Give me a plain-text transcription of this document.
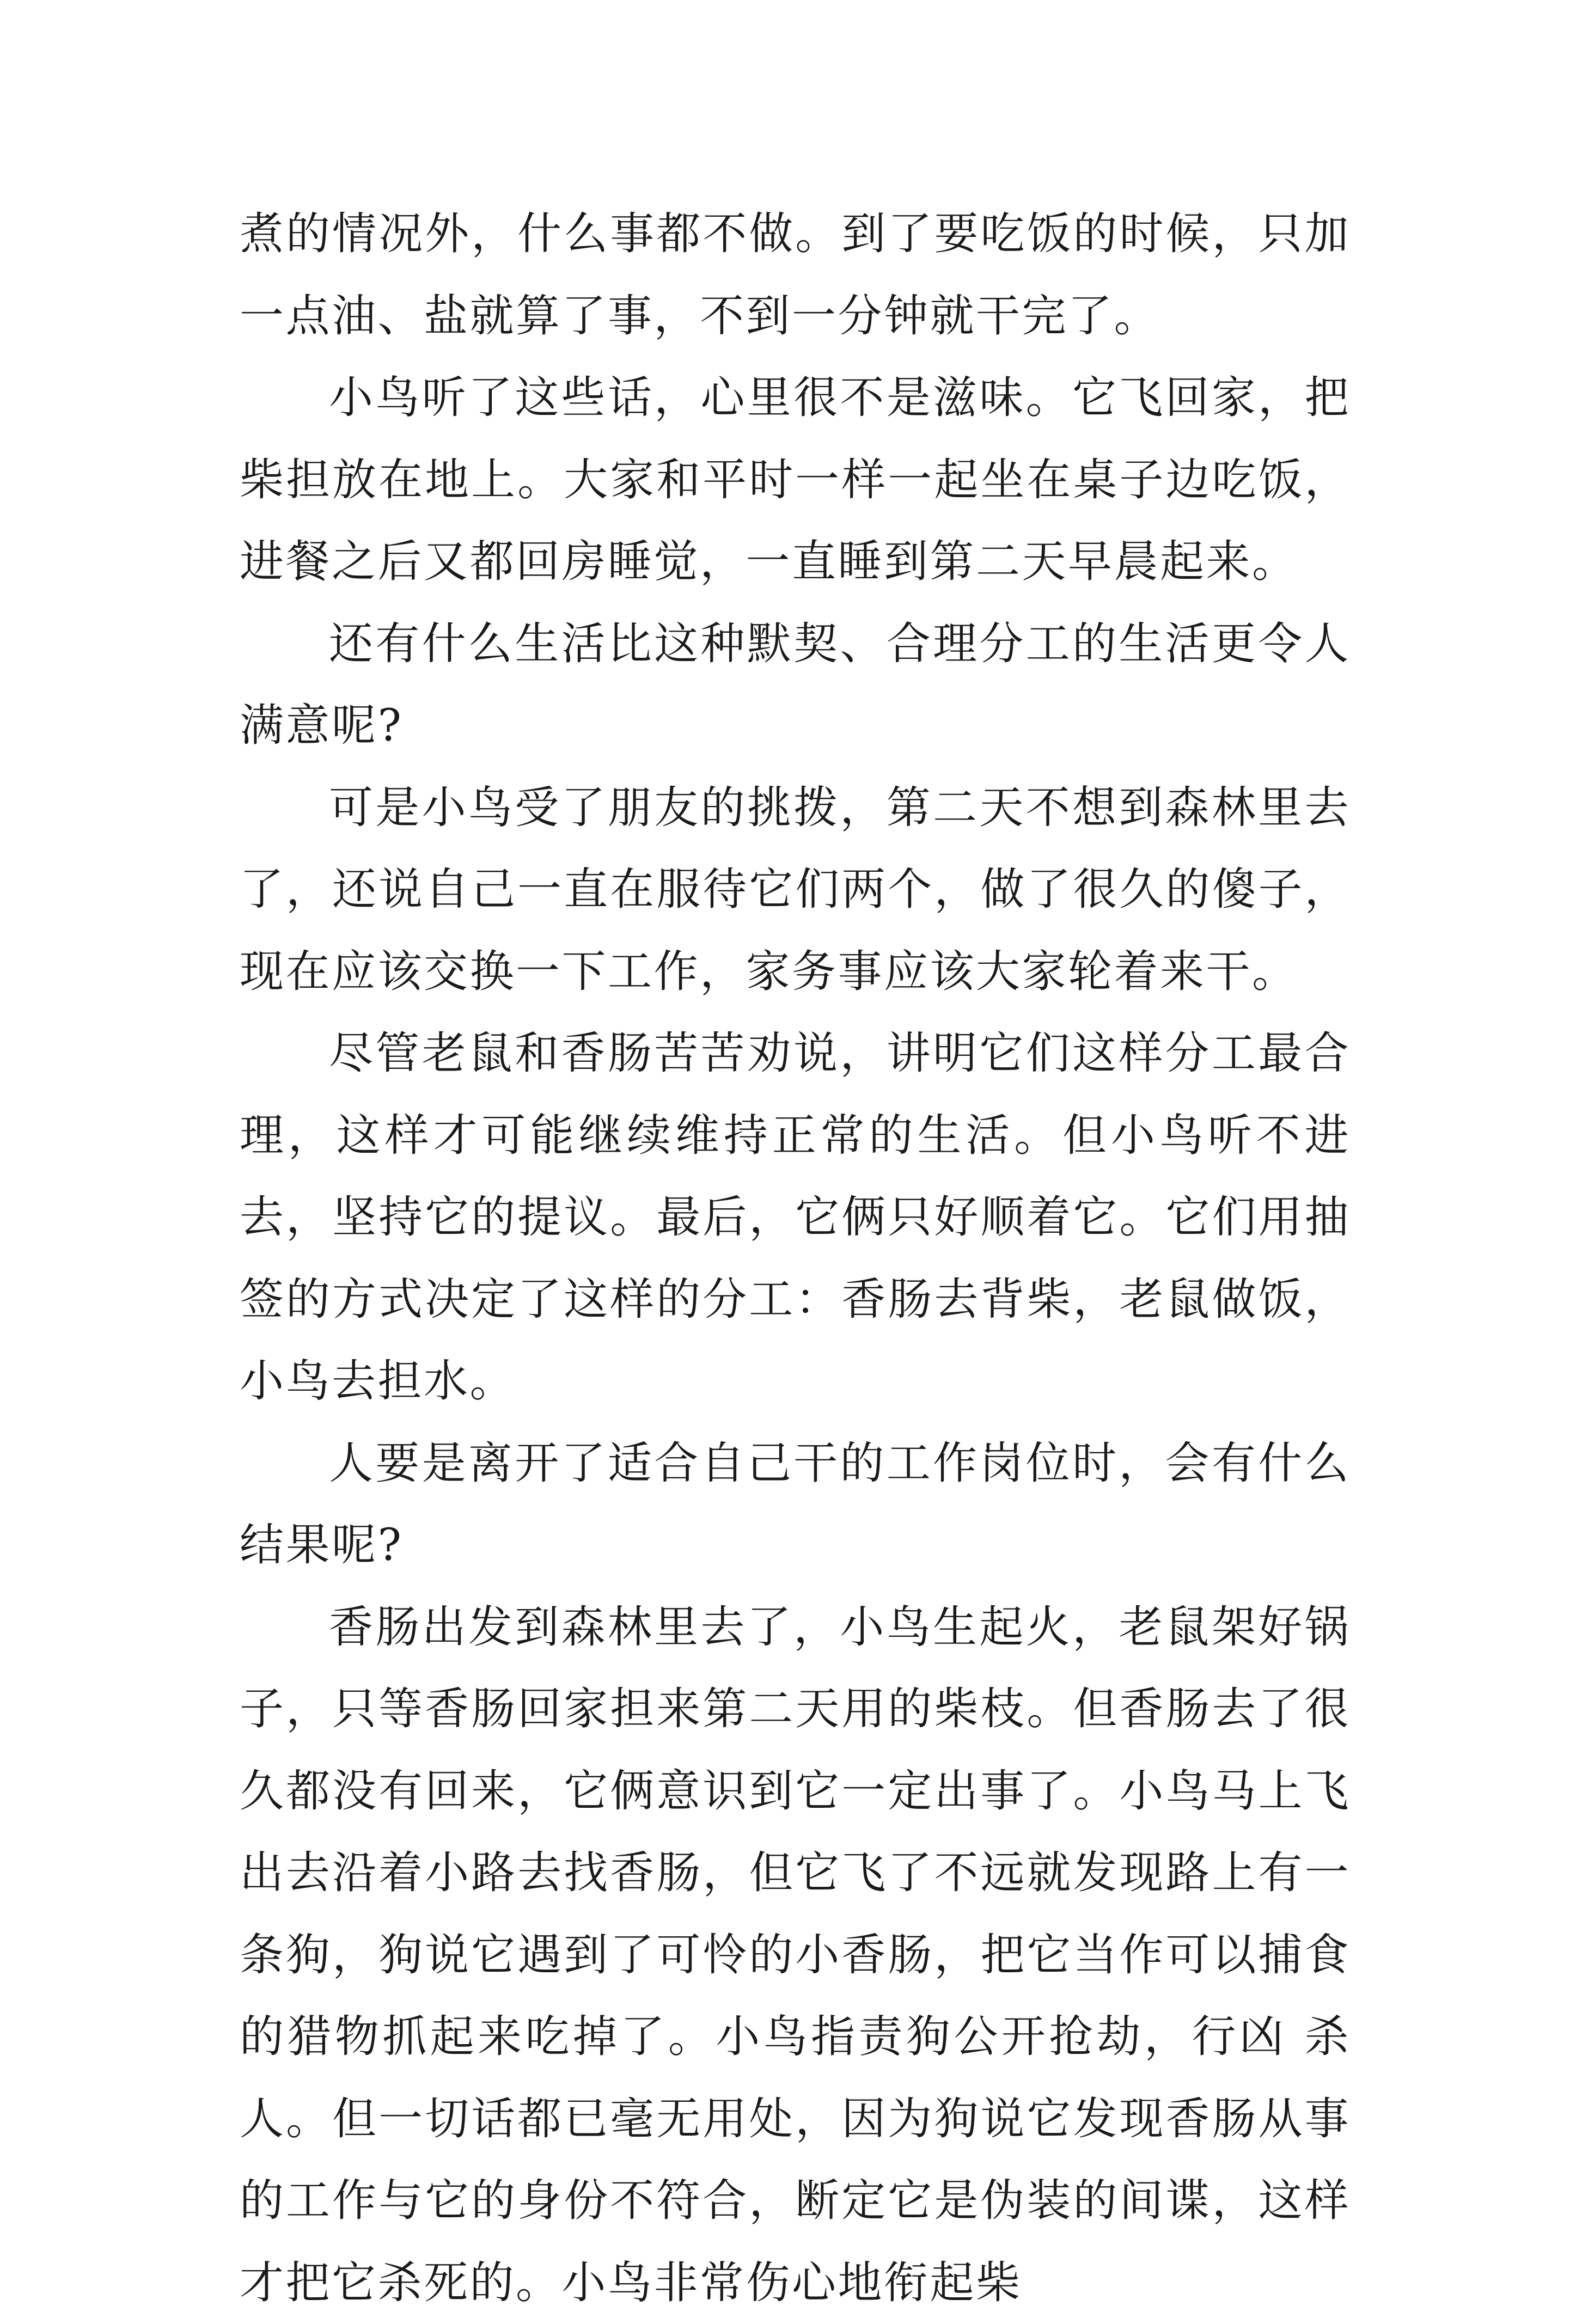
煮的情况外，什么事都不做。到了要吃饭的时候，只加一点油、盐就算了事，不到一分钟就干完了。

小鸟听了这些话，心里很不是滋味。它飞回家，把柴担放在地上。大家和平时一样一起坐在桌子边吃饭，进餐之后又都回房睡觉，一直睡到第二天早晨起来。

还有什么生活比这种默契、合理分工的生活更令人满意呢?

可是小鸟受了朋友的挑拨，第二天不想到森林里去了，还说自己一直在服待它们两个，做了很久的傻子，现在应该交换一下工作，家务事应该大家轮着来干。

尽管老鼠和香肠苦苦劝说，讲明它们这样分工最合理，这样才可能继续维持正常的生活。但小鸟听不进去，坚持它的提议。最后，它俩只好顺着它。它们用抽签的方式决定了这样的分工：香肠去背柴，老鼠做饭，小鸟去担水。

人要是离开了适合自己干的工作岗位时，会有什么结果呢?

香肠出发到森林里去了，小鸟生起火，老鼠架好锅子，只等香肠回家担来第二天用的柴枝。但香肠去了很久都没有回来，它俩意识到它一定出事了。小鸟马上飞出去沿着小路去找香肠，但它飞了不远就发现路上有一条狗，狗说它遇到了可怜的小香肠，把它当作可以捕食的猎物抓起来吃掉了。小鸟指责狗公开抢劫，行凶 杀 人。但一切话都已毫无用处，因为狗说它发现香肠从事的工作与它的身份不符合，断定它是伪装的间谍，这样才把它杀死的。小鸟非常伤心地衔起柴
